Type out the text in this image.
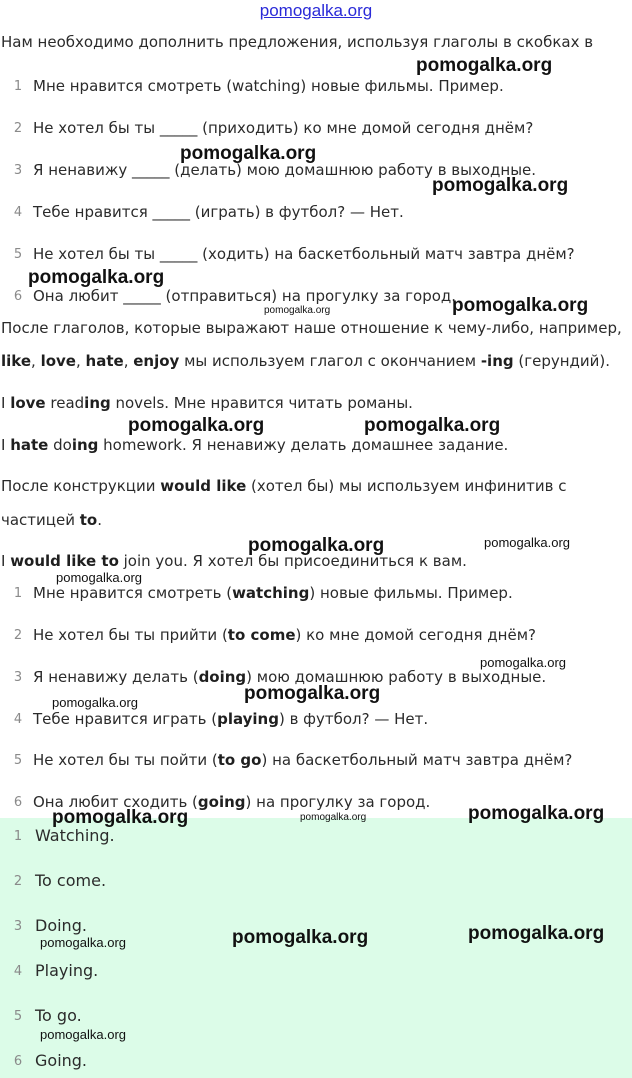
pomogalka.org
Нам необходимо дополнить предложения, используя глаголы в скобках в
1 Мне нравится смотреть (watching) новые фильмы. Пример.
2 Не хотел бы ты _____ (приходить) ко мне домой сегодня днём?
3 Я ненавижу _____ (делать) мою домашнюю работу в выходные.
4 Тебе нравится _____ (играть) в футбол? — Нет.
5 Не хотел бы ты _____ (ходить) на баскетбольный матч завтра днём?
6 Она любит _____ (отправиться) на прогулку за город.
После глаголов, которые выражают наше отношение к чему-либо, например,
like, love, hate, enjoy мы используем глагол с окончанием -ing (герундий).
I love reading novels. Мне нравится читать романы.
I hate doing homework. Я ненавижу делать домашнее задание.
После конструкции would like (хотел бы) мы используем инфинитив с
частицей to.
I would like to join you. Я хотел бы присоединиться к вам.
1 Мне нравится смотреть (watching) новые фильмы. Пример.
2 Не хотел бы ты прийти (to come) ко мне домой сегодня днём?
3 Я ненавижу делать (doing) мою домашнюю работу в выходные.
4 Тебе нравится играть (playing) в футбол? — Нет.
5 Не хотел бы ты пойти (to go) на баскетбольный матч завтра днём?
6 Она любит сходить (going) на прогулку за город.
1 Watching.
2 To come.
3 Doing.
4 Playing.
5 To go.
6 Going.
pomogalka.org
pomogalka.org
pomogalka.org
pomogalka.org
pomogalka.org
pomogalka.org
pomogalka.org	pomogalka.org
pomogalka.org	pomogalka.org
pomogalka.org
pomogalka.org
pomogalka.org	pomogalka.org
pomogalka.org	pomogalka.org	pomogalka.org
pomogalka.org	pomogalka.org	pomogalka.org
pomogalka.org
